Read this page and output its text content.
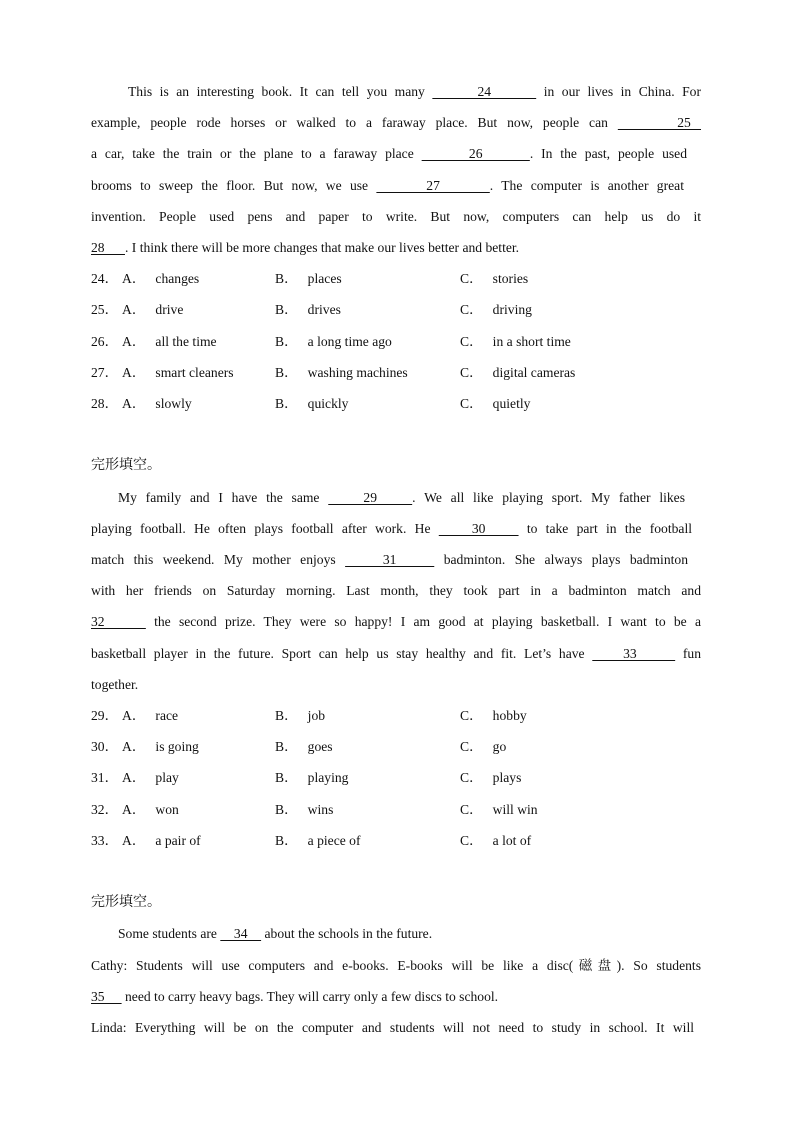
This is an interesting book. It can tell you many       24       in our lives in China. For
example, people rode horses or walked to a faraway place. But now, people can       25
a car, take the train or the plane to a faraway place       26      . In the past, people used
brooms to sweep the floor. But now, we use       27      . The computer is another great
invention. People used pens and paper to write. But now, computers can help us do it
28      . I think there will be more changes that make our lives better and better.
24． A． changes	B． places	C． stories
25． A． drive	B． drives	C． driving
26． A． all the time	B． a long time ago	C． in a short time
27． A． smart cleaners	B． washing machines	C． digital cameras
28． A． slowly	B． quickly	C． quietly
完形填空。
My family and I have the same     29    . We all like playing sport. My father likes
playing football. He often plays football after work. He     30     to take part in the football
match this weekend. My mother enjoys     31     badminton. She always plays badminton
with her friends on Saturday morning. Last month, they took part in a badminton match and
32      the second prize. They were so happy! I am good at playing basketball. I want to be a
basketball player in the future. Sport can help us stay healthy and fit. Let’s have     33      fun
together.
29． A． race	B． job	C． hobby
30． A． is going	B． goes	C． go
31． A． play	B． playing	C． plays
32． A． won	B． wins	C． will win
33． A． a pair of	B． a piece of	C． a lot of
完形填空。
Some students are     34     about the schools in the future.
Cathy: Students will use computers and e-books. E-books will be like a disc(磁盘). So students
35      need to carry heavy bags. They will carry only a few discs to school.
Linda: Everything will be on the computer and students will not need to study in school. It will
